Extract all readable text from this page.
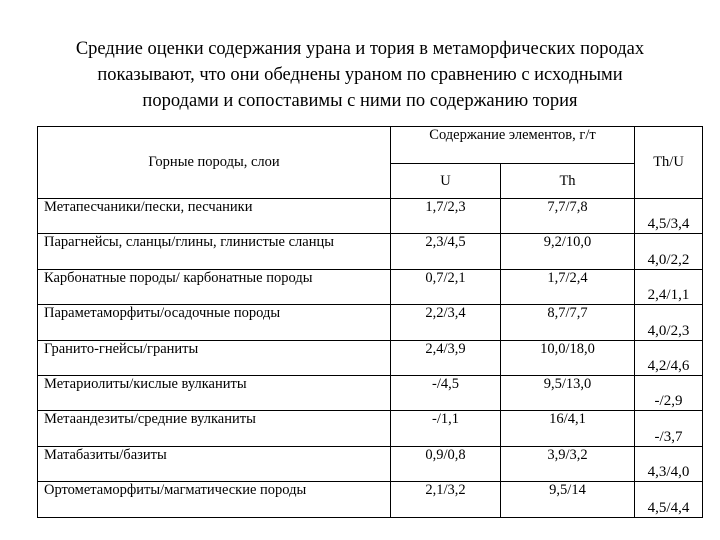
Средние оценки содержания урана и тория в метаморфических породах
показывают, что они обеднены ураном по сравнению с исходными
породами и сопоставимы с ними по содержанию тория
Горные породы, слои	Содержание элементов, г/т		Th/U
	U	Th	
Метапесчаники/пески, песчаники	1,7/2,3	7,7/7,8	4,5/3,4
Парагнейсы, сланцы/глины, глинистые сланцы	2,3/4,5	9,2/10,0	4,0/2,2
Карбонатные породы/ карбонатные породы	0,7/2,1	1,7/2,4	2,4/1,1
Параметаморфиты/осадочные породы	2,2/3,4	8,7/7,7	4,0/2,3
Гранито-гнейсы/граниты	2,4/3,9	10,0/18,0	4,2/4,6
Метариолиты/кислые вулканиты	-/4,5	9,5/13,0	-/2,9
Метаандезиты/средние вулканиты	-/1,1	16/4,1	-/3,7
Матабазиты/базиты	0,9/0,8	3,9/3,2	4,3/4,0
Ортометаморфиты/магматические породы	2,1/3,2	9,5/14	4,5/4,4
